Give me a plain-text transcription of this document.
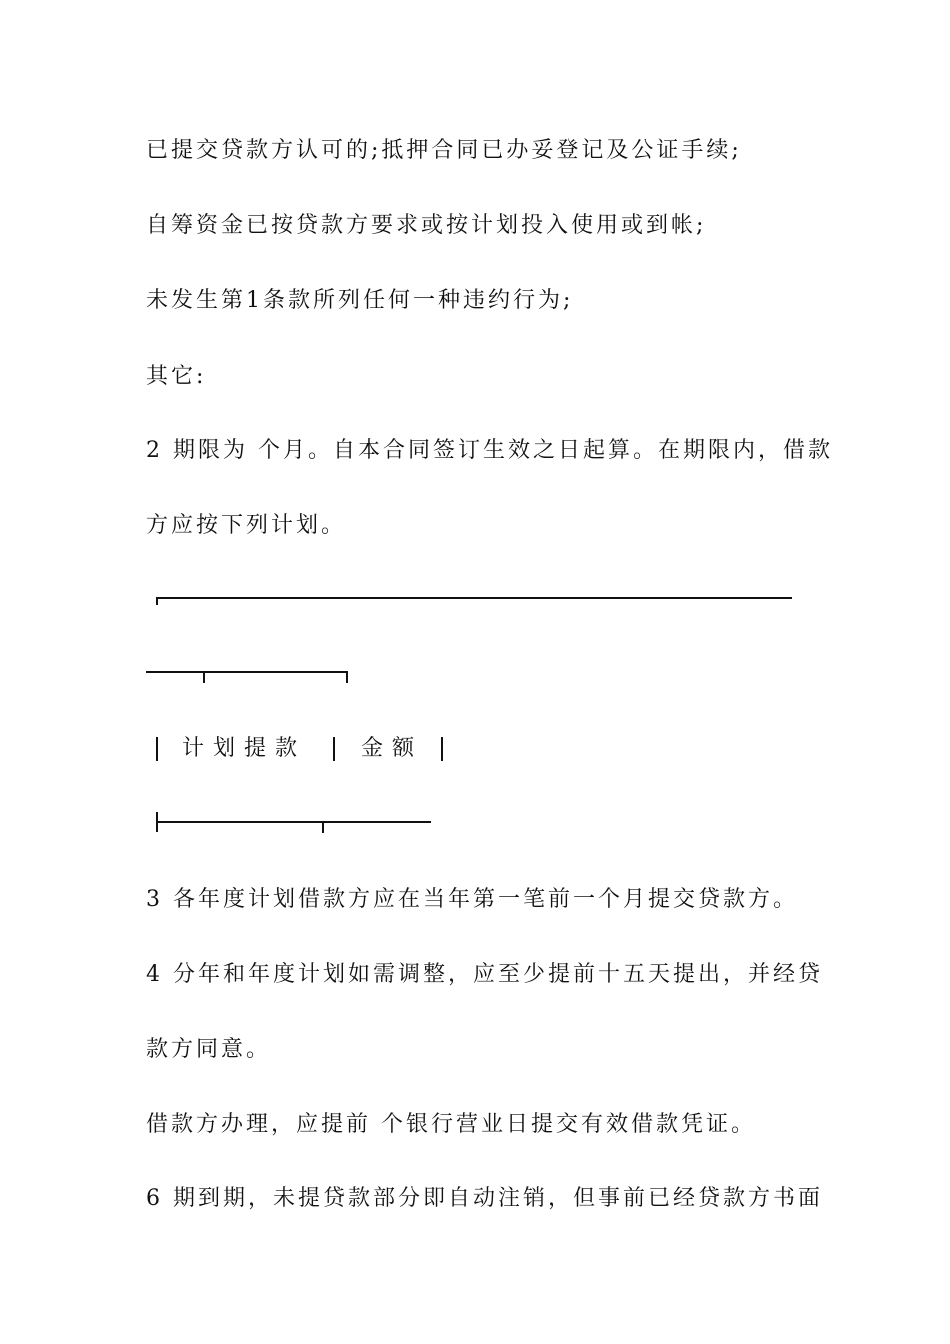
已提交贷款方认可的;抵押合同已办妥登记及公证手续;
自筹资金已按贷款方要求或按计划投入使用或到帐;
未发生第1条款所列任何一种违约行为;
其它:
2 期限为 个月。自本合同签订生效之日起算。在期限内，借款
方应按下列计划。
计划提款 金额
3 各年度计划借款方应在当年第一笔前一个月提交贷款方。
4 分年和年度计划如需调整，应至少提前十五天提出，并经贷
款方同意。
借款方办理，应提前 个银行营业日提交有效借款凭证。
6 期到期，未提贷款部分即自动注销，但事前已经贷款方书面
